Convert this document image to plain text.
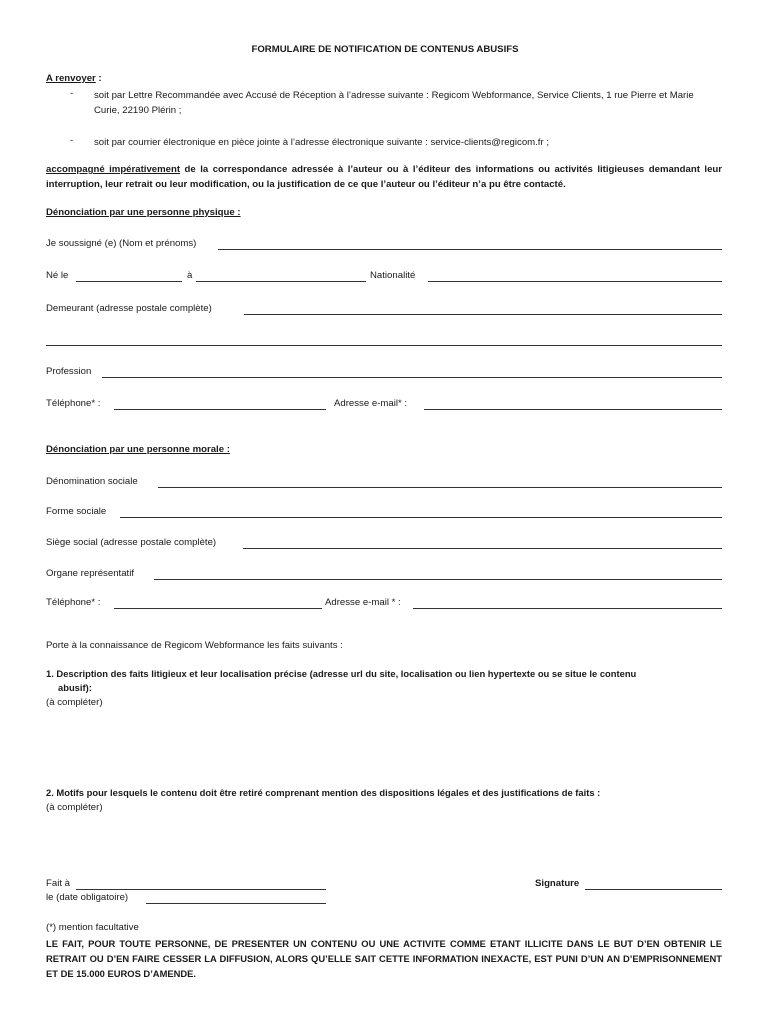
FORMULAIRE DE NOTIFICATION DE CONTENUS ABUSIFS
A renvoyer :
- soit par Lettre Recommandée avec Accusé de Réception à l’adresse suivante : Regicom Webformance, Service Clients, 1 rue Pierre et Marie Curie, 22190 Plérin ;
- soit par courrier électronique en pièce jointe à l’adresse électronique suivante : service-clients@regicom.fr ;
accompagné impérativement de la correspondance adressée à l’auteur ou à l’éditeur des informations ou activités litigieuses demandant leur interruption, leur retrait ou leur modification, ou la justification de ce que l’auteur ou l’éditeur n’a pu être contacté.
Dénonciation par une personne physique :
Je soussigné (e) (Nom et prénoms)
Né le	à	Nationalité
Demeurant (adresse postale complète)
Profession
Téléphone* :	Adresse e-mail* :
Dénonciation par une personne morale :
Dénomination sociale
Forme sociale
Siège social (adresse postale complète)
Organe représentatif
Téléphone* :	Adresse e-mail * :
Porte à la connaissance de Regicom Webformance les faits suivants :
1. Description des faits litigieux et leur localisation précise (adresse url du site, localisation ou lien hypertexte ou se situe le contenu
abusif):
(à compléter)
2. Motifs pour lesquels le contenu doit être retiré comprenant mention des dispositions légales et des justifications de faits :
(à compléter)
Fait à
le (date obligatoire)
Signature
(*) mention facultative
LE FAIT, POUR TOUTE PERSONNE, DE PRESENTER UN CONTENU OU UNE ACTIVITE COMME ETANT ILLICITE DANS LE BUT D’EN OBTENIR LE RETRAIT OU D’EN FAIRE CESSER LA DIFFUSION, ALORS QU’ELLE SAIT CETTE INFORMATION INEXACTE, EST PUNI D’UN AN D’EMPRISONNEMENT ET DE 15.000 EUROS D’AMENDE.
